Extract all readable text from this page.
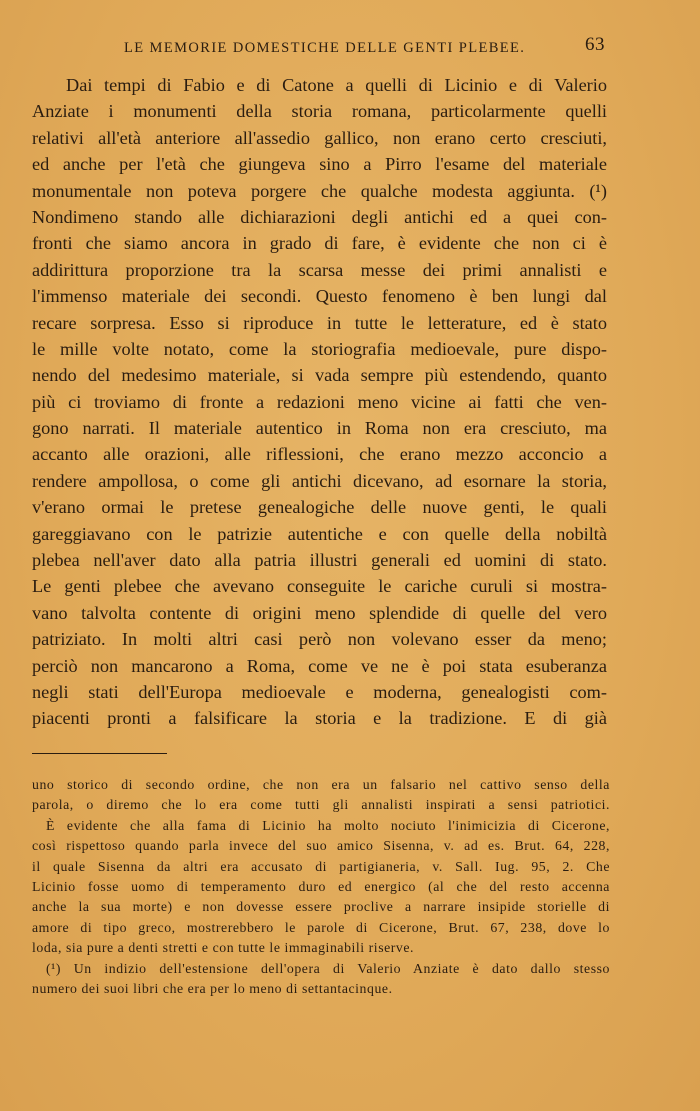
LE MEMORIE DOMESTICHE DELLE GENTI PLEBEE.	63
Dai tempi di Fabio e di Catone a quelli di Licinio e di Valerio
Anziate i monumenti della storia romana, particolarmente quelli
relativi all'età anteriore all'assedio gallico, non erano certo cresciuti,
ed anche per l'età che giungeva sino a Pirro l'esame del materiale
monumentale non poteva porgere che qualche modesta aggiunta. (¹)
Nondimeno stando alle dichiarazioni degli antichi ed a quei con-
fronti che siamo ancora in grado di fare, è evidente che non ci è
addirittura proporzione tra la scarsa messe dei primi annalisti e
l'immenso materiale dei secondi. Questo fenomeno è ben lungi dal
recare sorpresa. Esso si riproduce in tutte le letterature, ed è stato
le mille volte notato, come la storiografia medioevale, pure dispo-
nendo del medesimo materiale, si vada sempre più estendendo, quanto
più ci troviamo di fronte a redazioni meno vicine ai fatti che ven-
gono narrati. Il materiale autentico in Roma non era cresciuto, ma
accanto alle orazioni, alle riflessioni, che erano mezzo acconcio a
rendere ampollosa, o come gli antichi dicevano, ad esornare la storia,
v'erano ormai le pretese genealogiche delle nuove genti, le quali
gareggiavano con le patrizie autentiche e con quelle della nobiltà
plebea nell'aver dato alla patria illustri generali ed uomini di stato.
Le genti plebee che avevano conseguite le cariche curuli si mostra-
vano talvolta contente di origini meno splendide di quelle del vero
patriziato. In molti altri casi però non volevano esser da meno;
perciò non mancarono a Roma, come ve ne è poi stata esuberanza
negli stati dell'Europa medioevale e moderna, genealogisti com-
piacenti pronti a falsificare la storia e la tradizione. E di già
uno storico di secondo ordine, che non era un falsario nel cattivo senso della
parola, o diremo che lo era come tutti gli annalisti inspirati a sensi patriotici.
È evidente che alla fama di Licinio ha molto nociuto l'inimicizia di Cicerone,
così rispettoso quando parla invece del suo amico Sisenna, v. ad es. Brut. 64, 228,
il quale Sisenna da altri era accusato di partigianeria, v. Sall. Iug. 95, 2. Che
Licinio fosse uomo di temperamento duro ed energico (al che del resto accenna
anche la sua morte) e non dovesse essere proclive a narrare insipide storielle di
amore di tipo greco, mostrerebbero le parole di Cicerone, Brut. 67, 238, dove lo
loda, sia pure a denti stretti e con tutte le immaginabili riserve.
(¹) Un indizio dell'estensione dell'opera di Valerio Anziate è dato dallo stesso
numero dei suoi libri che era per lo meno di settantacinque.
